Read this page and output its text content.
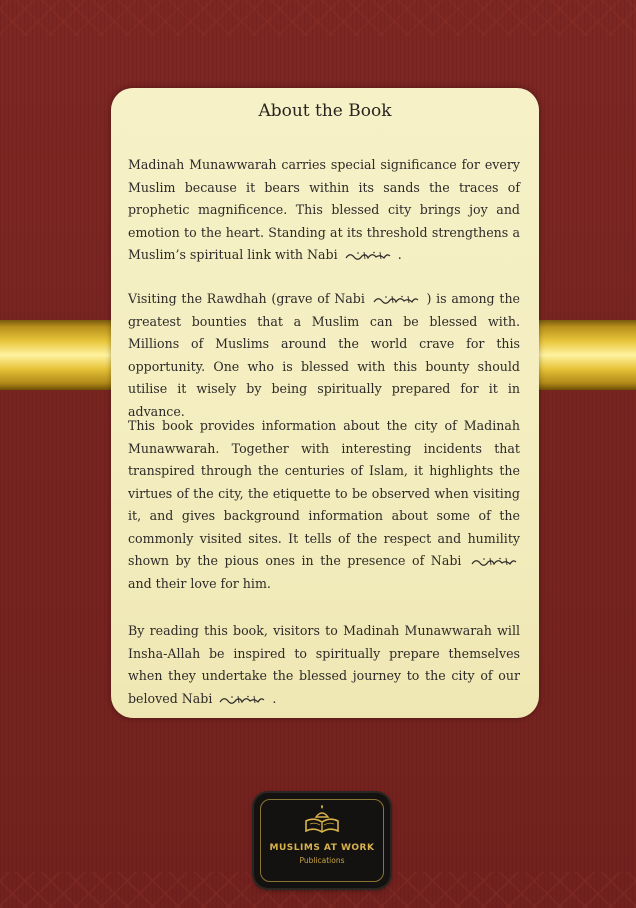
About the Book

Madinah Munawwarah carries special significance for every Muslim because it bears within its sands the traces of prophetic magnificence. This blessed city brings joy and emotion to the heart. Standing at its threshold strengthens a Muslim’s spiritual link with Nabi	.

Visiting the Rawdhah (grave of Nabi	) is among the greatest bounties that a Muslim can be blessed with. Millions of Muslims around the world crave for this opportunity. One who is blessed with this bounty should utilise it wisely by being spiritually prepared for it in advance.

This book provides information about the city of Madinah Munawwarah. Together with interesting incidents that transpired through the centuries of Islam, it highlights the virtues of the city, the etiquette to be observed when visiting it, and gives background information about some of the commonly visited sites. It tells of the respect and humility shown by the pious ones in the presence of Nabi  and their love for him.

By reading this book, visitors to Madinah Munawwarah will Insha-Allah be inspired to spiritually prepare themselves when they undertake the blessed journey to the city of our beloved Nabi	.

MUSLIMS AT WORK
Publications
